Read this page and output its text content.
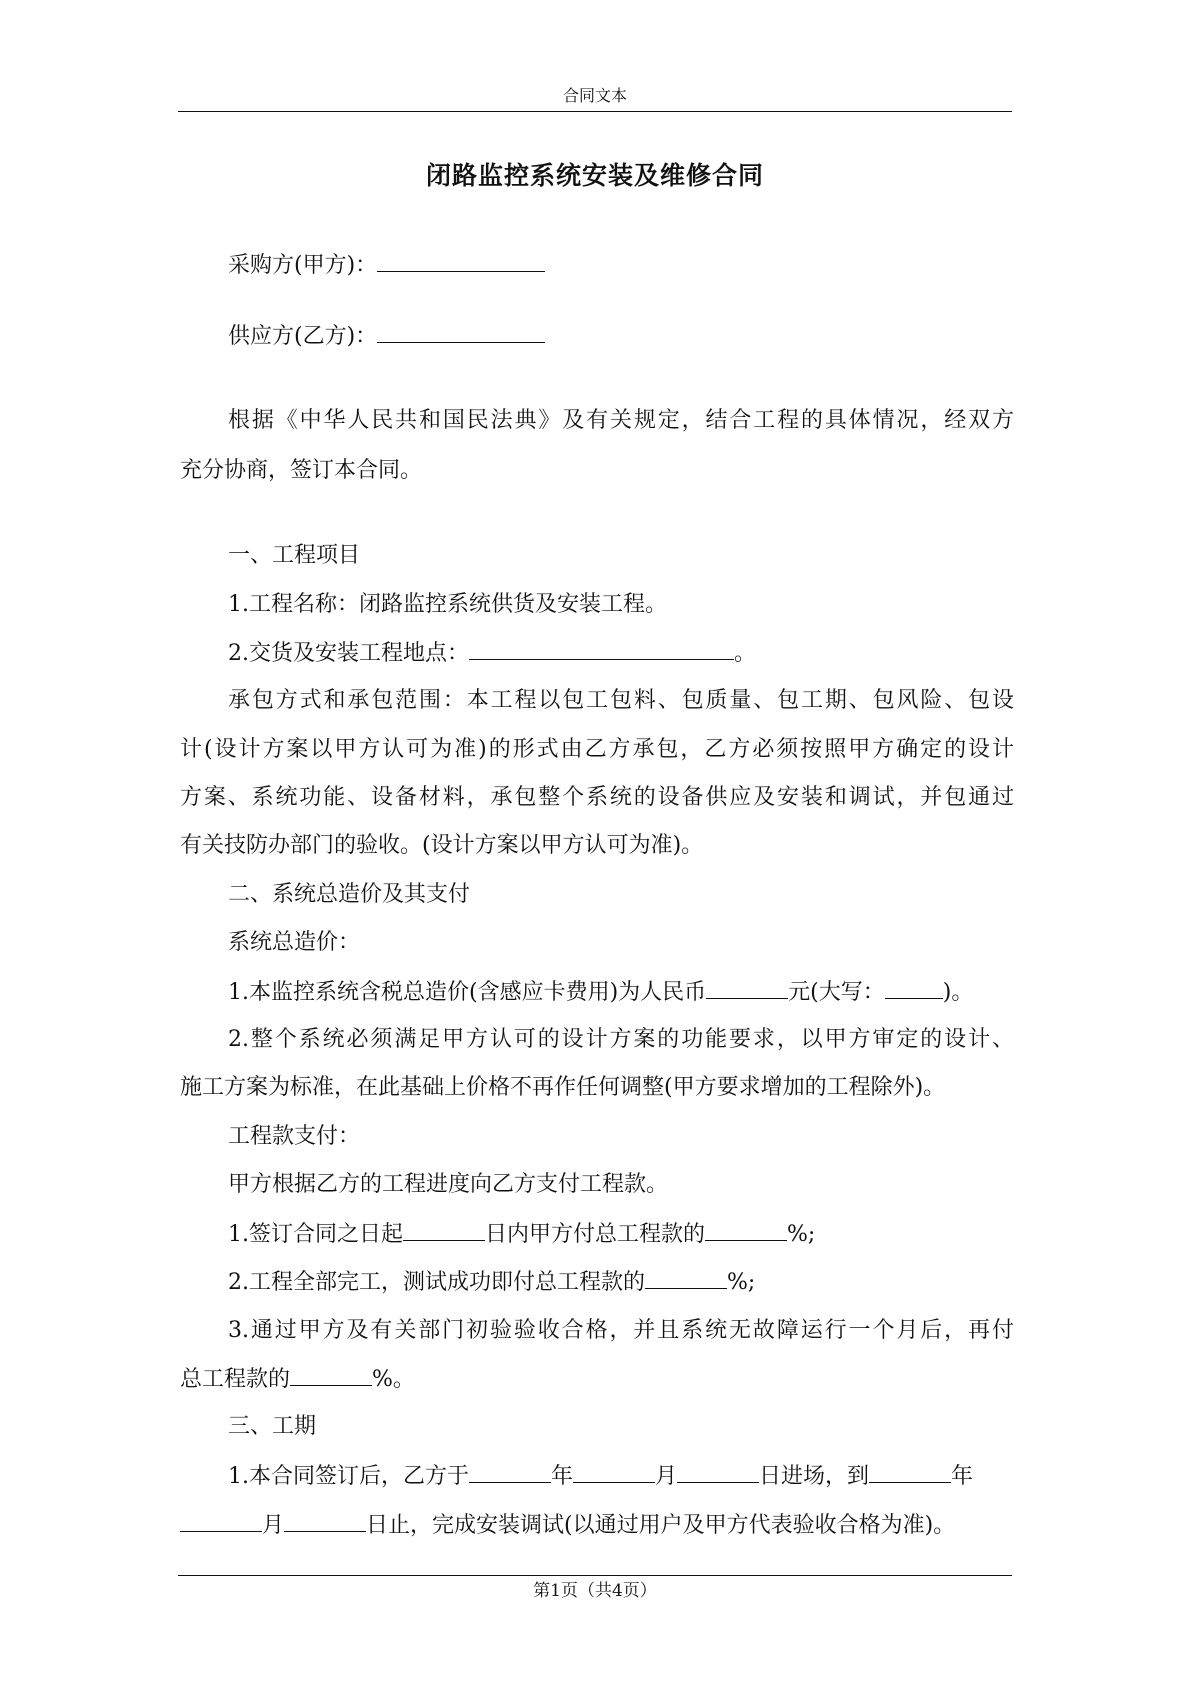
合同文本
闭路监控系统安装及维修合同
采购方(甲方)：
供应方(乙方)：
根据《中华人民共和国民法典》及有关规定，结合工程的具体情况，经双方
充分协商，签订本合同。
一、工程项目
1.工程名称：闭路监控系统供货及安装工程。
2.交货及安装工程地点：	。
承包方式和承包范围：本工程以包工包料、包质量、包工期、包风险、包设
计(设计方案以甲方认可为准)的形式由乙方承包，乙方必须按照甲方确定的设计
方案、系统功能、设备材料，承包整个系统的设备供应及安装和调试，并包通过
有关技防办部门的验收。(设计方案以甲方认可为准)。
二、系统总造价及其支付
系统总造价：
1.本监控系统含税总造价(含感应卡费用)为人民币	元(大写：	)。
2.整个系统必须满足甲方认可的设计方案的功能要求，以甲方审定的设计、
施工方案为标准，在此基础上价格不再作任何调整(甲方要求增加的工程除外)。
工程款支付：
甲方根据乙方的工程进度向乙方支付工程款。
1.签订合同之日起	日内甲方付总工程款的	%;
2.工程全部完工，测试成功即付总工程款的	%;
3.通过甲方及有关部门初验验收合格，并且系统无故障运行一个月后，再付
总工程款的	%。
三、工期
1.本合同签订后，乙方于	年	月	日进场，到	年
月	日止，完成安装调试(以通过用户及甲方代表验收合格为准)。
第1页（共4页）
